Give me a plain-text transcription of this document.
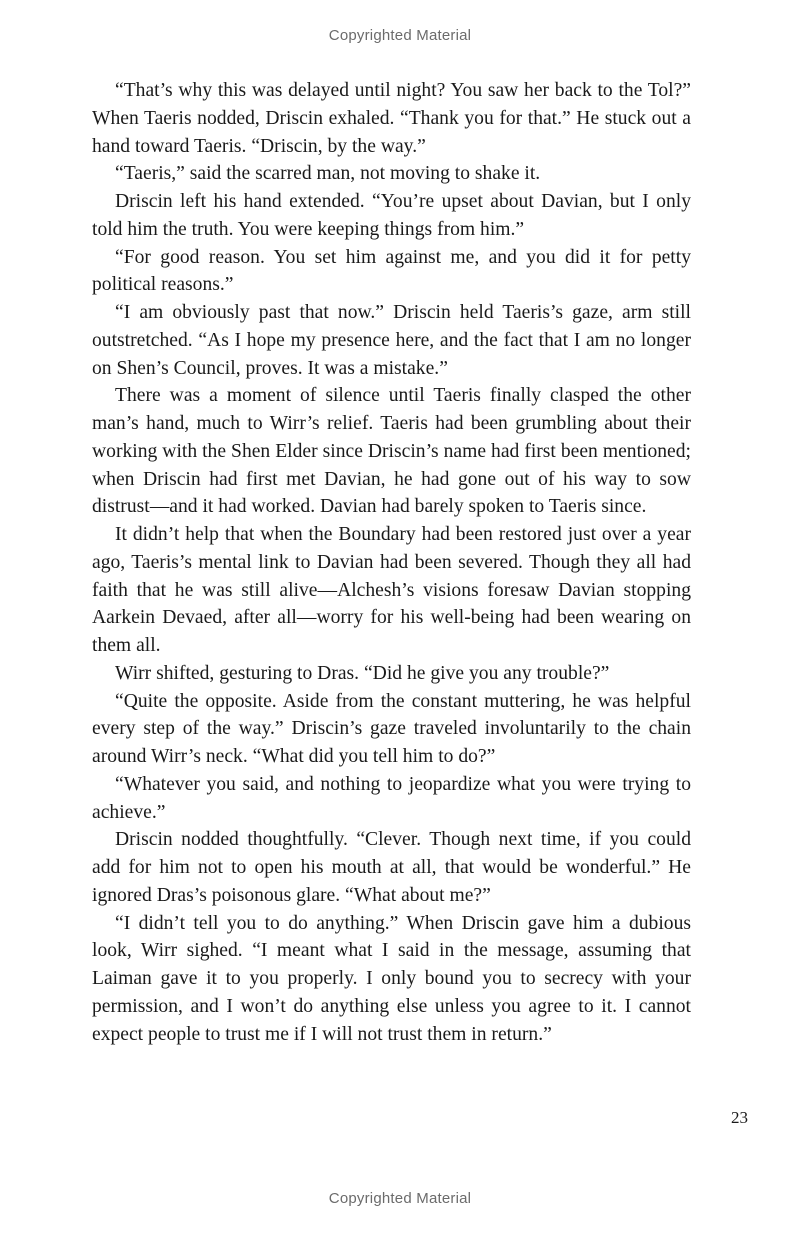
Copyrighted Material

“That’s why this was delayed until night? You saw her back to the Tol?” When Taeris nodded, Driscin exhaled. “Thank you for that.” He stuck out a hand toward Taeris. “Driscin, by the way.”

“Taeris,” said the scarred man, not moving to shake it.

Driscin left his hand extended. “You’re upset about Davian, but I only told him the truth. You were keeping things from him.”

“For good reason. You set him against me, and you did it for petty political reasons.”

“I am obviously past that now.” Driscin held Taeris’s gaze, arm still outstretched. “As I hope my presence here, and the fact that I am no longer on Shen’s Council, proves. It was a mistake.”

There was a moment of silence until Taeris finally clasped the other man’s hand, much to Wirr’s relief. Taeris had been grumbling about their working with the Shen Elder since Driscin’s name had first been mentioned; when Driscin had first met Davian, he had gone out of his way to sow distrust—and it had worked. Davian had barely spoken to Taeris since.

It didn’t help that when the Boundary had been restored just over a year ago, Taeris’s mental link to Davian had been severed. Though they all had faith that he was still alive—Alchesh’s visions foresaw Davian stopping Aarkein Devaed, after all—worry for his well-being had been wearing on them all.

Wirr shifted, gesturing to Dras. “Did he give you any trouble?”

“Quite the opposite. Aside from the constant muttering, he was helpful every step of the way.” Driscin’s gaze traveled involuntarily to the chain around Wirr’s neck. “What did you tell him to do?”

“Whatever you said, and nothing to jeopardize what you were trying to achieve.”

Driscin nodded thoughtfully. “Clever. Though next time, if you could add for him not to open his mouth at all, that would be wonderful.” He ignored Dras’s poisonous glare. “What about me?”

“I didn’t tell you to do anything.” When Driscin gave him a dubious look, Wirr sighed. “I meant what I said in the message, assuming that Laiman gave it to you properly. I only bound you to secrecy with your permission, and I won’t do anything else unless you agree to it. I cannot expect people to trust me if I will not trust them in return.”

23
Copyrighted Material
